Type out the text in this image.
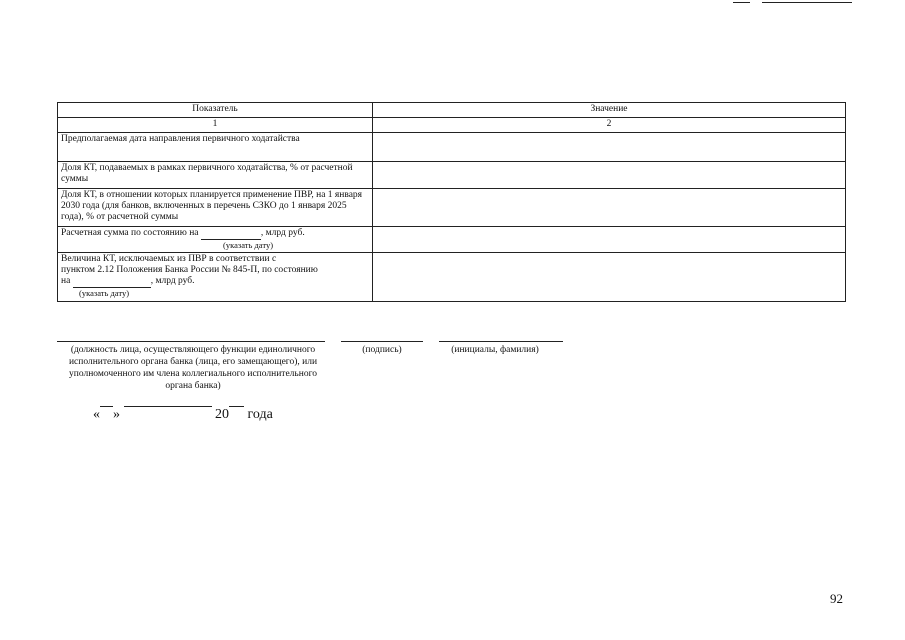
Показатель	Значение
1	2
Предполагаемая дата направления первичного ходатайства	
Доля КТ, подаваемых в рамках первичного ходатайства, % от расчетной суммы	
Доля КТ, в отношении которых планируется применение ПВР, на 1 января 2030 года (для банков, включенных в перечень СЗКО до 1 января 2025 года), % от расчетной суммы	
Расчетная сумма по состоянию на , млрд руб.
(указать дату)	

Величина КТ, исключаемых из ПВР в соответствии с
пунктом 2.12 Положения Банка России № 845-П, по состоянию
на , млрд руб.
(указать дату)	

(должность лица, осуществляющего функции единоличного исполнительного органа банка (лица, его замещающего), или уполномоченного им члена коллегиального исполнительного органа банка)
(подпись)	(инициалы, фамилия)
« »	20 года
92
